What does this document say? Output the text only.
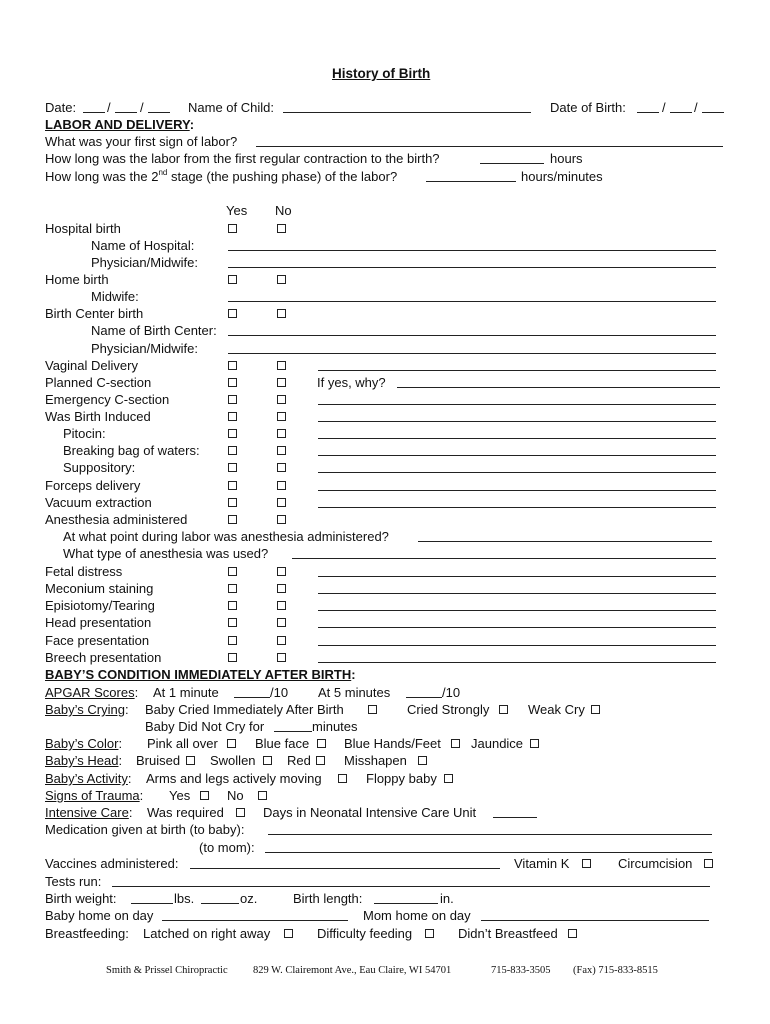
History of Birth
Date: / /	Name of Child:	Date of Birth:	/ /
LABOR AND DELIVERY:
What was your first sign of labor?
How long was the labor from the first regular contraction to the birth?	hours
How long was the 2nd stage (the pushing phase) of the labor?	hours/minutes
Yes No
Hospital birth
Name of Hospital:
Physician/Midwife:
Home birth
Midwife:
Birth Center birth
Name of Birth Center:
Physician/Midwife:
Vaginal Delivery
Planned C-section	If yes, why?
Emergency C-section
Was Birth Induced
Pitocin:
Breaking bag of waters:
Suppository:
Forceps delivery
Vacuum extraction
Anesthesia administered
At what point during labor was anesthesia administered?
What type of anesthesia was used?
Fetal distress
Meconium staining
Episiotomy/Tearing
Head presentation
Face presentation
Breech presentation
BABY’S CONDITION IMMEDIATELY AFTER BIRTH:
APGAR Scores: At 1 minute	/10 At 5 minutes	/10
Baby’s Crying: Baby Cried Immediately After Birth	Cried Strongly	Weak Cry
Baby Did Not Cry for	minutes
Baby’s Color: Pink all over	Blue face	Blue Hands/Feet Jaundice
Baby’s Head: Bruised Swollen Red	Misshapen
Baby’s Activity: Arms and legs actively moving	Floppy baby
Signs of Trauma: Yes	No
Intensive Care: Was required	Days in Neonatal Intensive Care Unit
Medication given at birth (to baby):
(to mom):
Vaccines administered:	Vitamin K	Circumcision
Tests run:
Birth weight:	lbs.	oz.	Birth length:	in.
Baby home on day	Mom home on day
Breastfeeding: Latched on right away	Difficulty feeding	Didn’t Breastfeed
Smith & Prissel Chiropractic 829 W. Clairemont Ave., Eau Claire, WI 54701	715-833-3505 (Fax) 715-833-8515
